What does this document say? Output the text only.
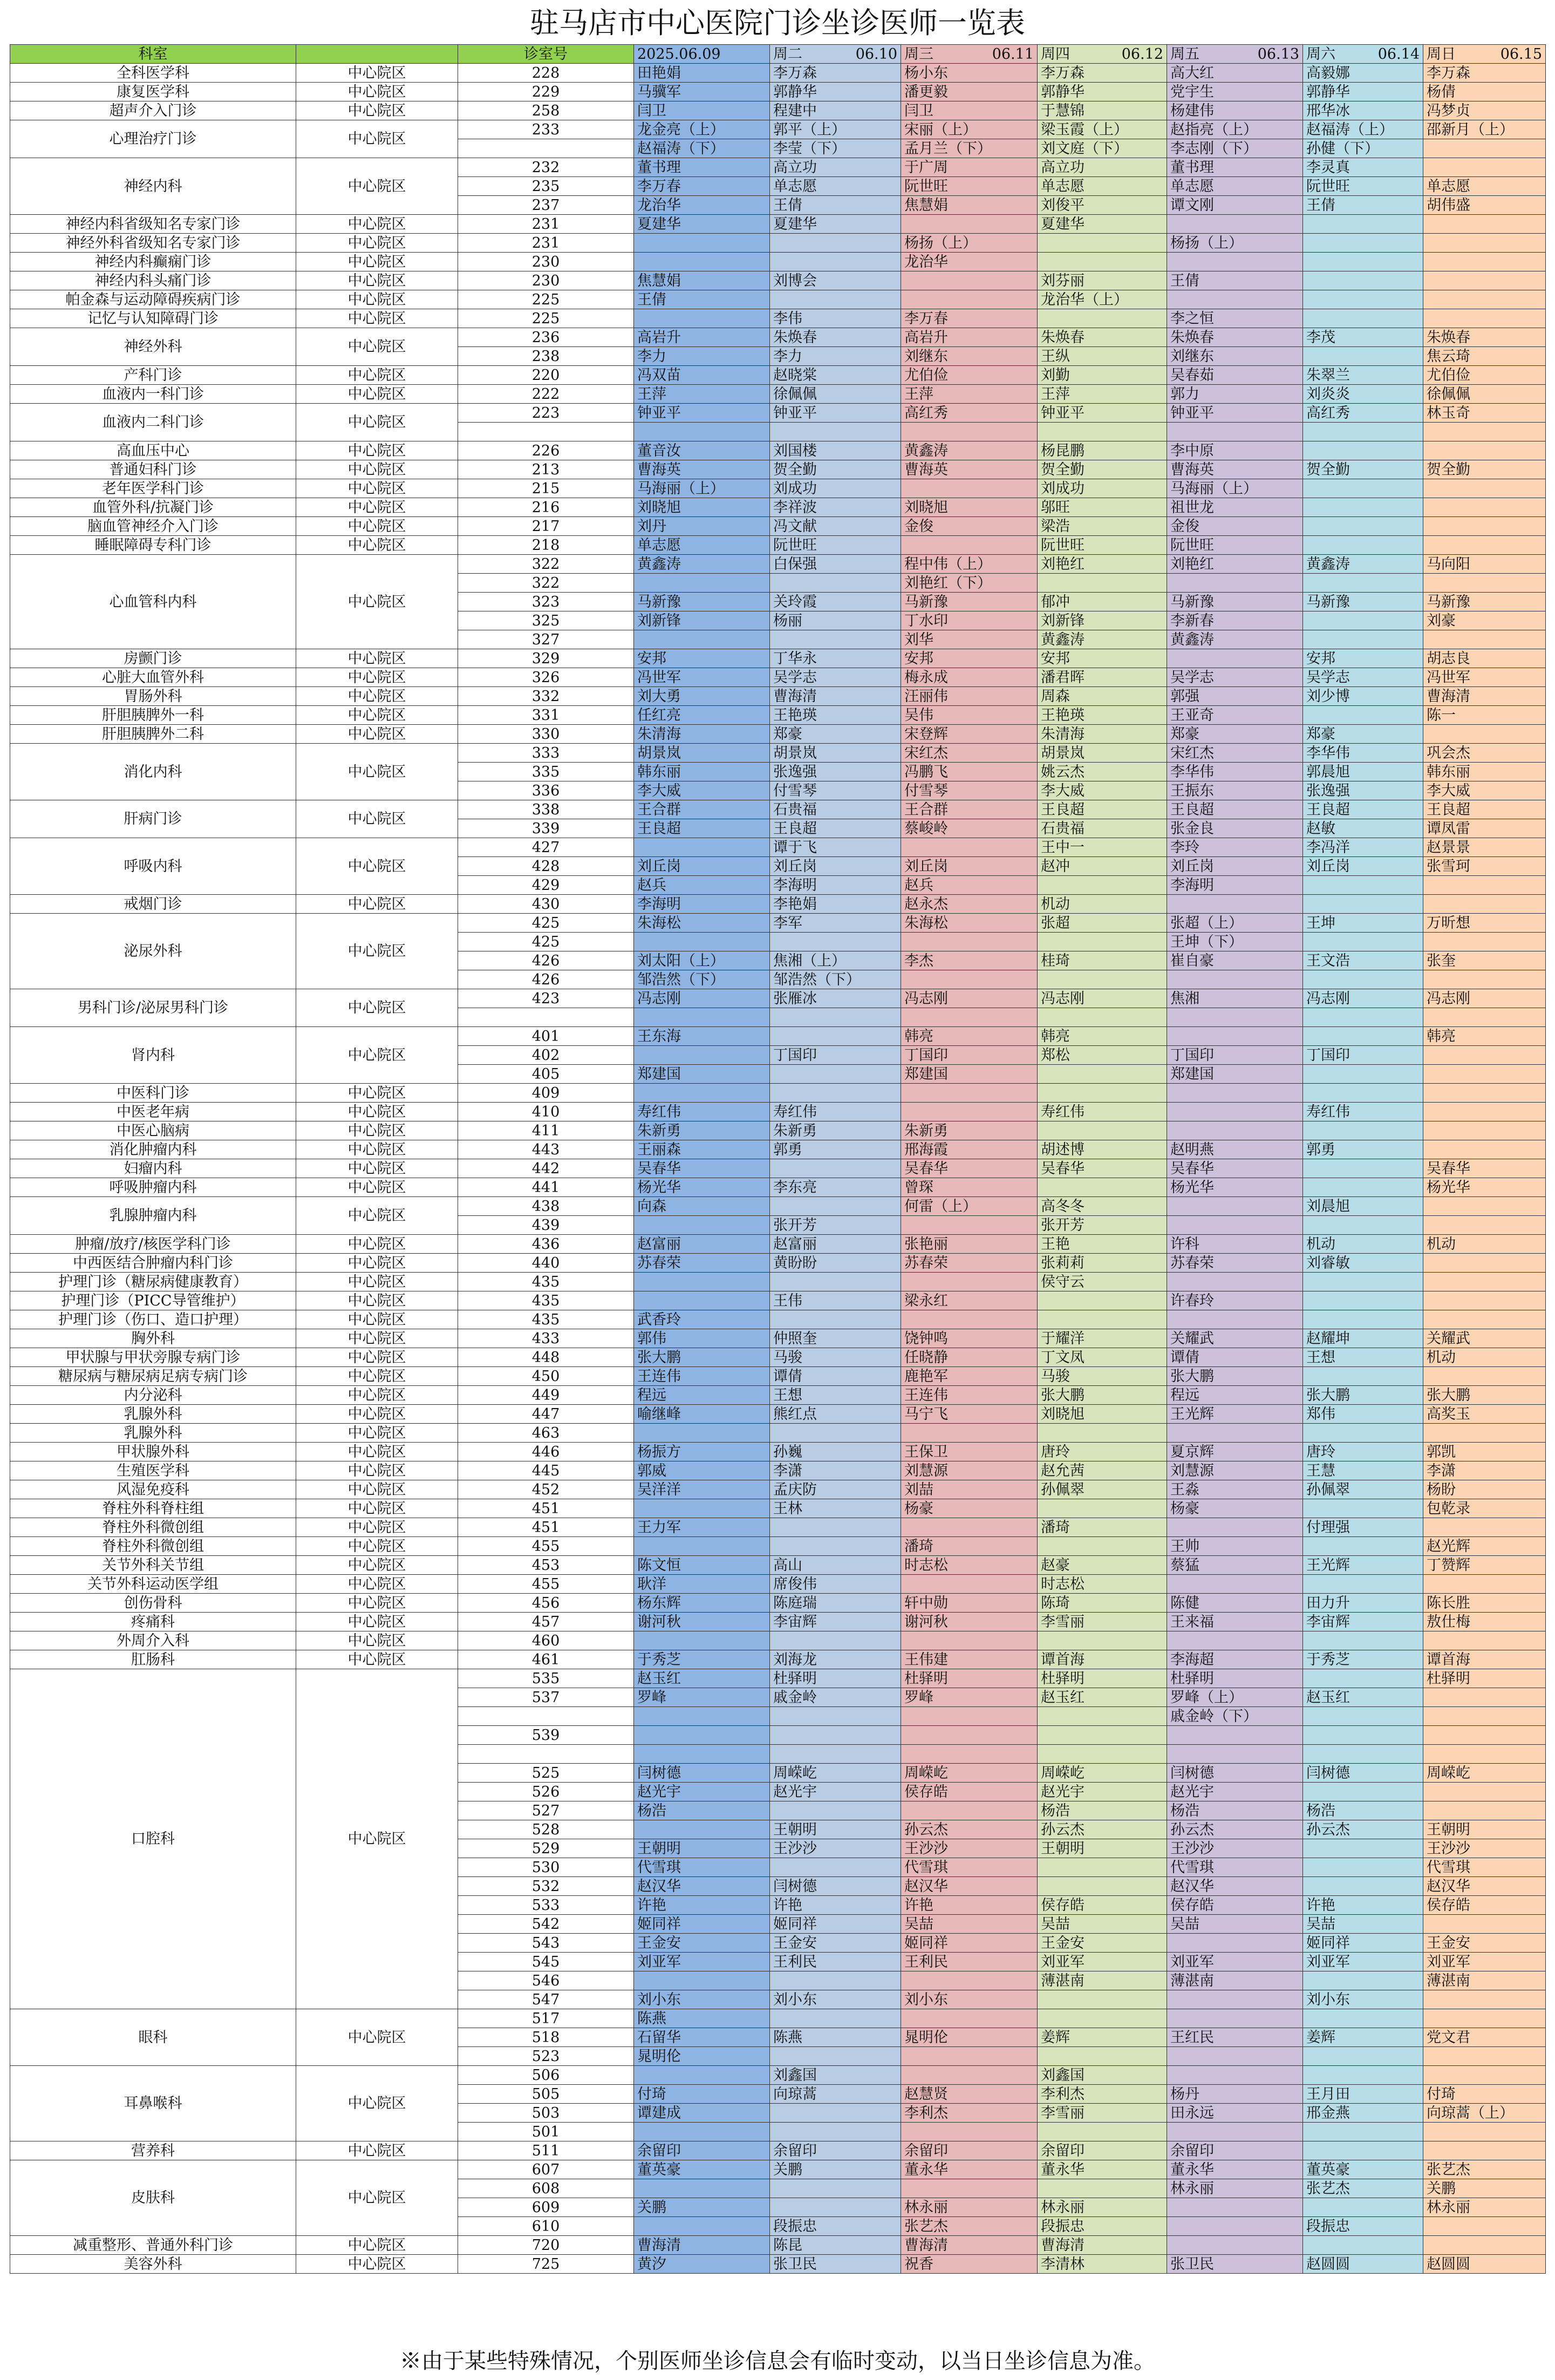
驻马店市中心医院门诊坐诊医师一览表
科室		诊室号	2025.06.09	周二 06.10	周三 06.11	周四 06.12	周五 06.13	周六 06.14	周日 06.15

全科医学科	中心院区	228	田艳娟	李万森	杨小东	李万森	高大红	高毅娜	李万森
康复医学科	中心院区	229	马骥军	郭静华	潘更毅	郭静华	党宇生	郭静华	杨倩
超声介入门诊	中心院区	258	闫卫	程建中	闫卫	于慧锦	杨建伟	邢华冰	冯梦贞
心理治疗门诊	中心院区	233	龙金亮（上）	郭平（上）	宋丽（上）	梁玉霞（上）	赵指亮（上）	赵福涛（上）	邵新月（上）
			赵福涛（下）	李莹（下）	孟月兰（下）	刘文庭（下）	李志刚（下）	孙健（下）	
神经内科	中心院区	232	董书理	高立功	于广周	高立功	董书理	李灵真	
		235	李万春	单志愿	阮世旺	单志愿	单志愿	阮世旺	单志愿
		237	龙治华	王倩	焦慧娟	刘俊平	谭文刚	王倩	胡伟盛
神经内科省级知名专家门诊	中心院区	231	夏建华	夏建华		夏建华			
神经外科省级知名专家门诊	中心院区	231			杨扬（上）		杨扬（上）		
神经内科癫痫门诊	中心院区	230			龙治华				
神经内科头痛门诊	中心院区	230	焦慧娟	刘博会		刘芬丽	王倩		
帕金森与运动障碍疾病门诊	中心院区	225	王倩			龙治华（上）			
记忆与认知障碍门诊	中心院区	225		李伟	李万春		李之恒		
神经外科	中心院区	236	高岩升	朱焕春	高岩升	朱焕春	朱焕春	李茂	朱焕春
		238	李力	李力	刘继东	王纵	刘继东		焦云琦
产科门诊	中心院区	220	冯双苗	赵晓棠	尤伯俭	刘勤	吴春茹	朱翠兰	尤伯俭
血液内一科门诊	中心院区	222	王萍	徐佩佩	王萍	王萍	郭力	刘炎炎	徐佩佩
血液内二科门诊	中心院区	223	钟亚平	钟亚平	高红秀	钟亚平	钟亚平	高红秀	林玉奇

高血压中心	中心院区	226	董音汝	刘国楼	黄鑫涛	杨昆鹏	李中原		
普通妇科门诊	中心院区	213	曹海英	贺全勤	曹海英	贺全勤	曹海英	贺全勤	贺全勤
老年医学科门诊	中心院区	215	马海丽（上）	刘成功		刘成功	马海丽（上）		
血管外科/抗凝门诊	中心院区	216	刘晓旭	李祥波	刘晓旭	邬旺	祖世龙		
脑血管神经介入门诊	中心院区	217	刘丹	冯文献	金俊	梁浩	金俊		
睡眠障碍专科门诊	中心院区	218	单志愿	阮世旺		阮世旺	阮世旺		
心血管科内科	中心院区	322	黄鑫涛	白保强	程中伟（上）	刘艳红	刘艳红	黄鑫涛	马向阳
		322			刘艳红（下）				
		323	马新豫	关玲霞	马新豫	郁冲	马新豫	马新豫	马新豫
		325	刘新锋	杨丽	丁水印	刘新锋	李新春		刘豪
		327			刘华	黄鑫涛	黄鑫涛		
房颤门诊	中心院区	329	安邦	丁华永	安邦	安邦		安邦	胡志良
心脏大血管外科	中心院区	326	冯世军	吴学志	梅永成	潘君晖	吴学志	吴学志	冯世军
胃肠外科	中心院区	332	刘大勇	曹海清	汪丽伟	周森	郭强	刘少博	曹海清
肝胆胰脾外一科	中心院区	331	任红亮	王艳瑛	吴伟	王艳瑛	王亚奇		陈一
肝胆胰脾外二科	中心院区	330	朱清海	郑豪	宋登辉	朱清海	郑豪	郑豪	
消化内科	中心院区	333	胡景岚	胡景岚	宋红杰	胡景岚	宋红杰	李华伟	巩会杰
		335	韩东丽	张逸强	冯鹏飞	姚云杰	李华伟	郭晨旭	韩东丽
		336	李大威	付雪琴	付雪琴	李大威	王振东	张逸强	李大威
肝病门诊	中心院区	338	王合群	石贵福	王合群	王良超	王良超	王良超	王良超
		339	王良超	王良超	蔡峻岭	石贵福	张金良	赵敏	谭凤雷
呼吸内科	中心院区	427		谭于飞		王中一	李玲	李冯洋	赵景景
		428	刘丘岗	刘丘岗	刘丘岗	赵冲	刘丘岗	刘丘岗	张雪珂
		429	赵兵	李海明	赵兵		李海明		
戒烟门诊	中心院区	430	李海明	李艳娟	赵永杰	机动			
泌尿外科	中心院区	425	朱海松	李军	朱海松	张超	张超（上）	王坤	万昕想
		425					王坤（下）		
		426	刘太阳（上）	焦湘（上）	李杰	桂琦	崔自豪	王文浩	张奎
		426	邹浩然（下）	邹浩然（下）					
男科门诊/泌尿男科门诊	中心院区	423	冯志刚	张雁冰	冯志刚	冯志刚	焦湘	冯志刚	冯志刚

肾内科	中心院区	401	王东海		韩亮	韩亮			韩亮
		402		丁国印	丁国印	郑松	丁国印	丁国印	
		405	郑建国		郑建国		郑建国		
中医科门诊	中心院区	409							
中医老年病	中心院区	410	寿红伟	寿红伟		寿红伟		寿红伟	
中医心脑病	中心院区	411	朱新勇	朱新勇	朱新勇				
消化肿瘤内科	中心院区	443	王丽森	郭勇	邢海霞	胡述博	赵明燕	郭勇	
妇瘤内科	中心院区	442	吴春华		吴春华	吴春华	吴春华		吴春华
呼吸肿瘤内科	中心院区	441	杨光华	李东亮	曾琛		杨光华		杨光华
乳腺肿瘤内科	中心院区	438	向森		何雷（上）	高冬冬		刘晨旭	
		439		张开芳		张开芳			
肿瘤/放疗/核医学科门诊	中心院区	436	赵富丽	赵富丽	张艳丽	王艳	许科	机动	机动
中西医结合肿瘤内科门诊	中心院区	440	苏春荣	黄盼盼	苏春荣	张莉莉	苏春荣	刘睿敏	
护理门诊（糖尿病健康教育）	中心院区	435				侯守云			
护理门诊（PICC导管维护）	中心院区	435		王伟	梁永红		许春玲		
护理门诊（伤口、造口护理）	中心院区	435	武香玲						
胸外科	中心院区	433	郭伟	仲照奎	饶钟鸣	于耀洋	关耀武	赵耀坤	关耀武
甲状腺与甲状旁腺专病门诊	中心院区	448	张大鹏	马骏	任晓静	丁文凤	谭倩	王想	机动
糖尿病与糖尿病足病专病门诊	中心院区	450	王连伟	谭倩	鹿艳军	马骏	张大鹏		
内分泌科	中心院区	449	程远	王想	王连伟	张大鹏	程远	张大鹏	张大鹏
乳腺外科	中心院区	447	喻继峰	熊红点	马宁飞	刘晓旭	王光辉	郑伟	高奖玉
乳腺外科	中心院区	463							
甲状腺外科	中心院区	446	杨振方	孙巍	王保卫	唐玲	夏京辉	唐玲	郭凯
生殖医学科	中心院区	445	郭威	李潇	刘慧源	赵允茜	刘慧源	王慧	李潇
风湿免疫科	中心院区	452	吴洋洋	孟庆防	刘喆	孙佩翠	王淼	孙佩翠	杨盼
脊柱外科脊柱组	中心院区	451		王林	杨豪		杨豪		包乾录
脊柱外科微创组	中心院区	451	王力军			潘琦		付理强	
脊柱外科微创组	中心院区	455			潘琦		王帅		赵光辉
关节外科关节组	中心院区	453	陈文恒	高山	时志松	赵豪	蔡猛	王光辉	丁赞辉
关节外科运动医学组	中心院区	455	耿洋	席俊伟		时志松			
创伤骨科	中心院区	456	杨东辉	陈庭瑞	轩中勋	陈琦	陈健	田力升	陈长胜
疼痛科	中心院区	457	谢河秋	李宙辉	谢河秋	李雪丽	王来福	李宙辉	敖仕梅
外周介入科	中心院区	460							
肛肠科	中心院区	461	于秀芝	刘海龙	王伟建	谭首海	李海超	于秀芝	谭首海
口腔科	中心院区	535	赵玉红	杜驿明	杜驿明	杜驿明	杜驿明		杜驿明
		537	罗峰	戚金岭	罗峰	赵玉红	罗峰（上）	赵玉红	
							戚金岭（下）		
		539							

		525	闫树德	周嵘屹	周嵘屹	周嵘屹	闫树德	闫树德	周嵘屹
		526	赵光宇	赵光宇	侯存皓	赵光宇	赵光宇		
		527	杨浩			杨浩	杨浩	杨浩	
		528		王朝明	孙云杰	孙云杰	孙云杰	孙云杰	王朝明
		529	王朝明	王沙沙	王沙沙	王朝明	王沙沙		王沙沙
		530	代雪琪		代雪琪		代雪琪		代雪琪
		532	赵汉华	闫树德	赵汉华		赵汉华		赵汉华
		533	许艳	许艳	许艳	侯存皓	侯存皓	许艳	侯存皓
		542	姬同祥	姬同祥	吴喆	吴喆	吴喆	吴喆	
		543	王金安	王金安	姬同祥	王金安		姬同祥	王金安
		545	刘亚军	王利民	王利民	刘亚军	刘亚军	刘亚军	刘亚军
		546				薄湛南	薄湛南		薄湛南
		547	刘小东	刘小东	刘小东			刘小东	
眼科	中心院区	517	陈燕						
		518	石留华	陈燕	晁明伦	姜辉	王红民	姜辉	党文君
		523	晁明伦						
耳鼻喉科	中心院区	506		刘鑫国		刘鑫国			
		505	付琦	向琼蒿	赵慧贤	李利杰	杨丹	王月田	付琦
		503	谭建成		李利杰	李雪丽	田永远	邢金燕	向琼蒿（上）
		501							
营养科	中心院区	511	余留印	余留印	余留印	余留印	余留印		
皮肤科	中心院区	607	董英豪	关鹏	董永华	董永华	董永华	董英豪	张艺杰
		608					林永丽	张艺杰	关鹏
		609	关鹏		林永丽	林永丽			林永丽
		610		段振忠	张艺杰	段振忠		段振忠	
减重整形、普通外科门诊	中心院区	720	曹海清	陈昆	曹海清	曹海清			
美容外科	中心院区	725	黄汐	张卫民	祝香	李清林	张卫民	赵圆圆	赵圆圆
※由于某些特殊情况，个别医师坐诊信息会有临时变动，以当日坐诊信息为准。
